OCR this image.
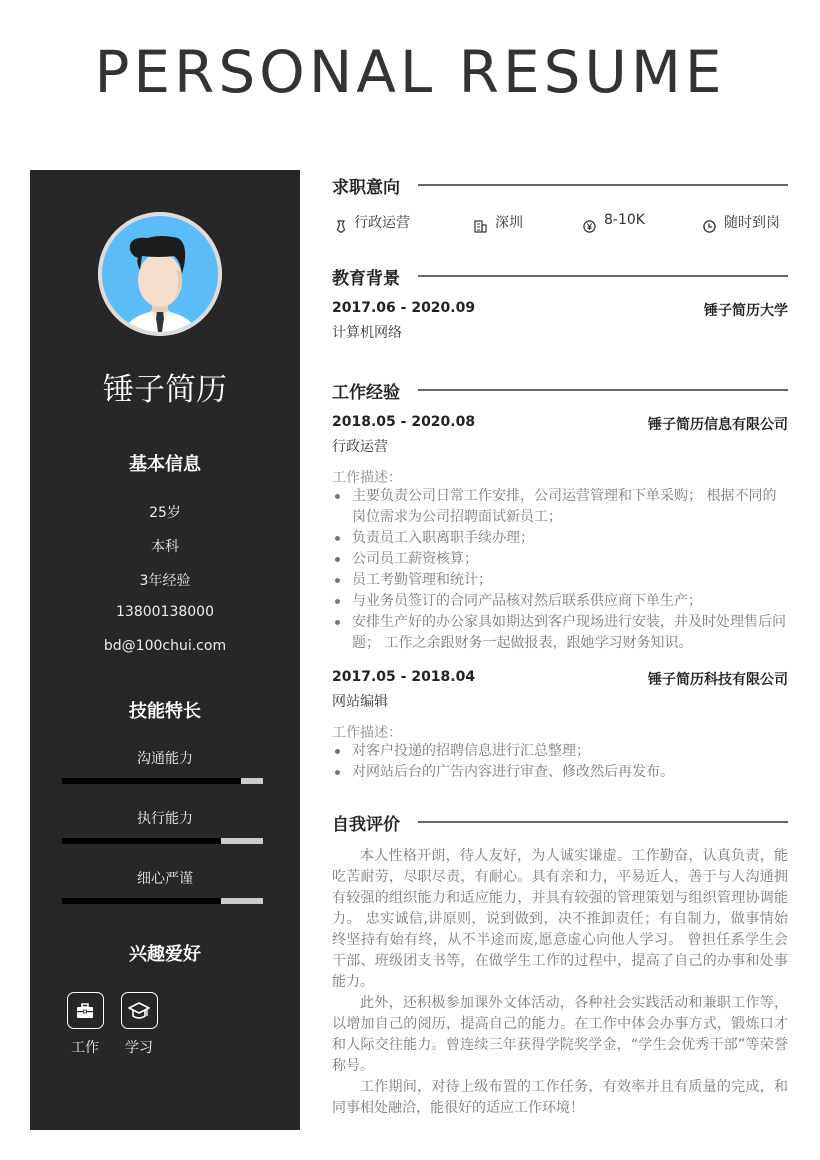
PERSONAL RESUME
锤子简历
基本信息
25岁
本科
3年经验
13800138000
bd@100chui.com
技能特长
沟通能力
执行能力
细心严谨
兴趣爱好
工作 学习
求职意向
行政运营	深圳	8-10K	随时到岗
教育背景
2017.06 - 2020.09	锤子简历大学
计算机网络
工作经验
2018.05 - 2020.08	锤子简历信息有限公司
行政运营
工作描述：
主要负责公司日常工作安排，公司运营管理和下单采购； 根据不同的岗位需求为公司招聘面试新员工；
负责员工入职离职手续办理；
公司员工薪资核算；
员工考勤管理和统计；
与业务员签订的合同产品核对然后联系供应商下单生产；
安排生产好的办公家具如期达到客户现场进行安装，并及时处理售后问题； 工作之余跟财务一起做报表，跟她学习财务知识。
2017.05 - 2018.04	锤子简历科技有限公司
网站编辑
工作描述：
对客户投递的招聘信息进行汇总整理；
对网站后台的广告内容进行审查、修改然后再发布。
自我评价

本人性格开朗，待人友好，为人诚实谦虚。工作勤奋，认真负责，能吃苦耐劳，尽职尽责，有耐心。具有亲和力，平易近人，善于与人沟通拥有较强的组织能力和适应能力，并具有较强的管理策划与组织管理协调能力。 忠实诚信,讲原则，说到做到，决不推卸责任；有自制力，做事情始终坚持有始有终，从不半途而废,愿意虚心向他人学习。 曾担任系学生会干部、班级团支书等，在做学生工作的过程中，提高了自己的办事和处事能力。

此外，还积极参加课外文体活动，各种社会实践活动和兼职工作等，以增加自己的阅历，提高自己的能力。在工作中体会办事方式，锻炼口才和人际交往能力。曾连续三年获得学院奖学金，“学生会优秀干部”等荣誉称号。

工作期间，对待上级布置的工作任务，有效率并且有质量的完成，和同事相处融洽，能很好的适应工作环境！
